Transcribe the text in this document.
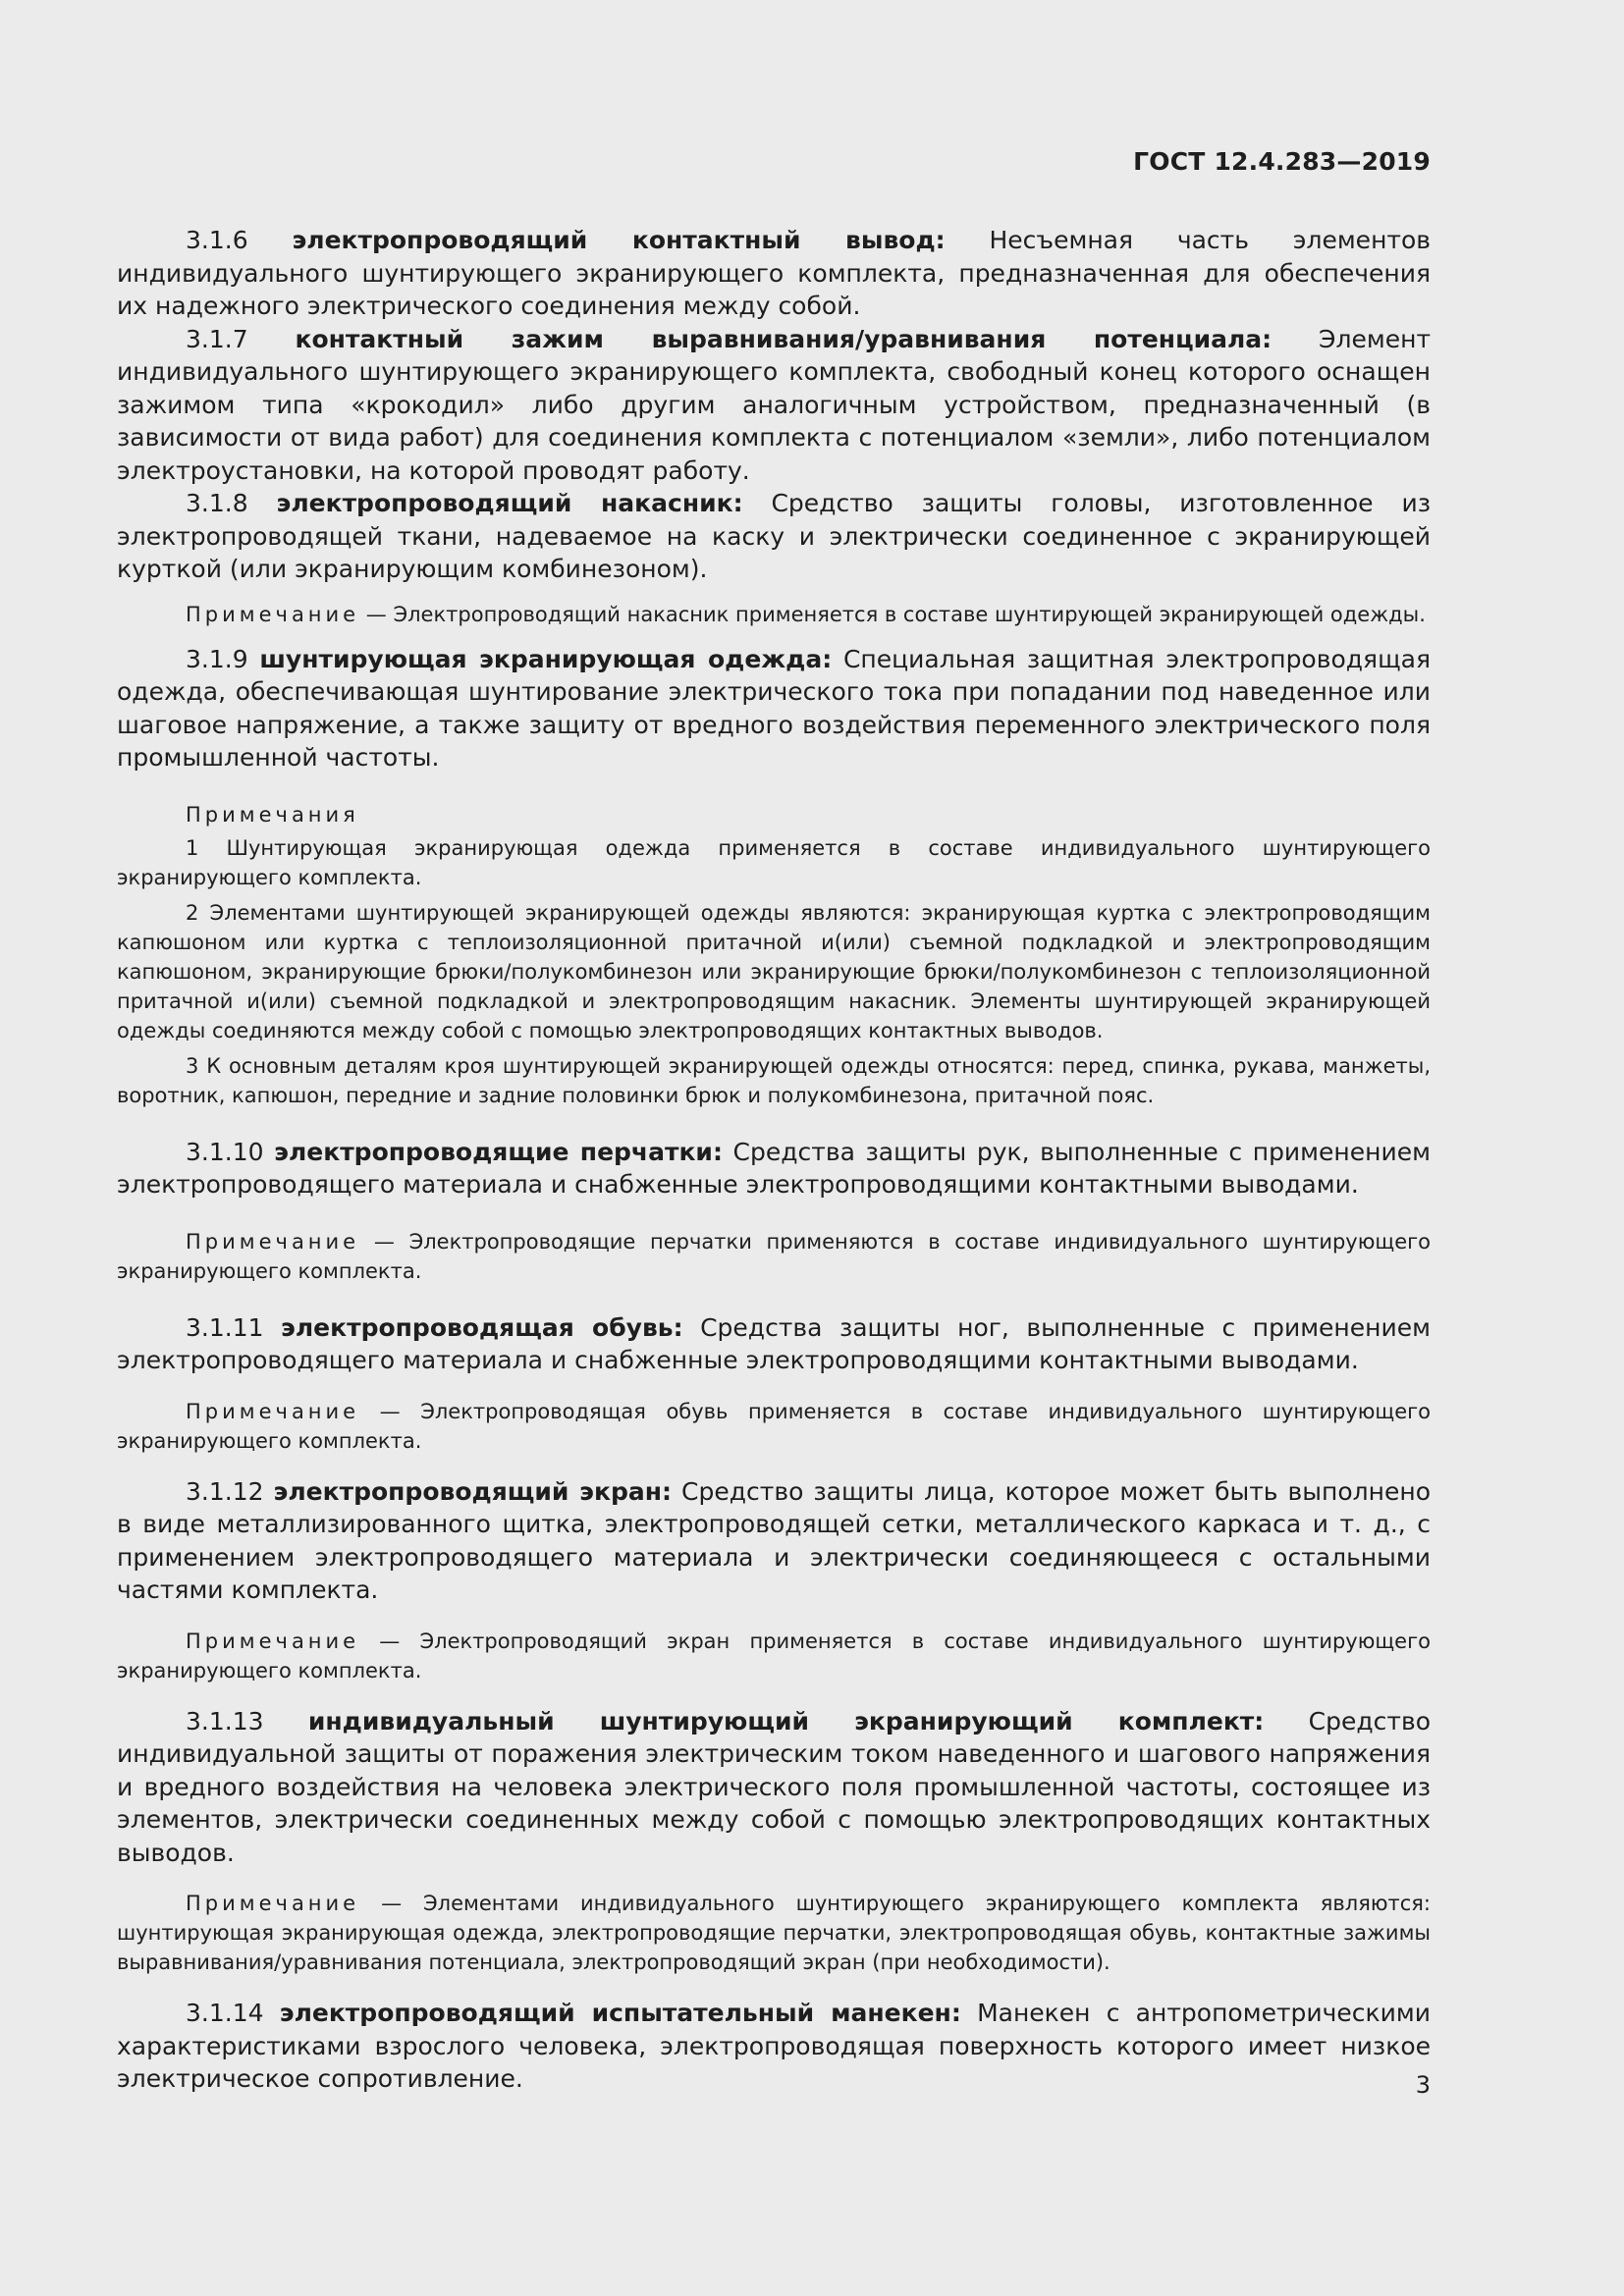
ГОСТ 12.4.283—2019

3.1.6 электропроводящий контактный вывод: Несъемная часть элементов индивидуального шунтирующего экранирующего комплекта, предназначенная для обеспечения их надежного электрического соединения между собой.

3.1.7 контактный зажим выравнивания/уравнивания потенциала: Элемент индивидуального шунтирующего экранирующего комплекта, свободный конец которого оснащен зажимом типа «крокодил» либо другим аналогичным устройством, предназначенный (в зависимости от вида работ) для соединения комплекта с потенциалом «земли», либо потенциалом электроустановки, на которой проводят работу.

3.1.8 электропроводящий накасник: Средство защиты головы, изготовленное из электропроводящей ткани, надеваемое на каску и электрически соединенное с экранирующей курткой (или экранирующим комбинезоном).

Примечание — Электропроводящий накасник применяется в составе шунтирующей экранирующей одежды.

3.1.9 шунтирующая экранирующая одежда: Специальная защитная электропроводящая одежда, обеспечивающая шунтирование электрического тока при попадании под наведенное или шаговое напряжение, а также защиту от вредного воздействия переменного электрического поля промышленной частоты.

Примечания

1 Шунтирующая экранирующая одежда применяется в составе индивидуального шунтирующего экранирующего комплекта.

2 Элементами шунтирующей экранирующей одежды являются: экранирующая куртка с электропроводящим капюшоном или куртка с теплоизоляционной притачной и(или) съемной подкладкой и электропроводящим капюшоном, экранирующие брюки/полукомбинезон или экранирующие брюки/полукомбинезон с теплоизоляционной притачной и(или) съемной подкладкой и электропроводящим накасник. Элементы шунтирующей экранирующей одежды соединяются между собой с помощью электропроводящих контактных выводов.

3 К основным деталям кроя шунтирующей экранирующей одежды относятся: перед, спинка, рукава, манжеты, воротник, капюшон, передние и задние половинки брюк и полукомбинезона, притачной пояс.

3.1.10 электропроводящие перчатки: Средства защиты рук, выполненные с применением электропроводящего материала и снабженные электропроводящими контактными выводами.

Примечание — Электропроводящие перчатки применяются в составе индивидуального шунтирующего экранирующего комплекта.

3.1.11 электропроводящая обувь: Средства защиты ног, выполненные с применением электропроводящего материала и снабженные электропроводящими контактными выводами.

Примечание — Электропроводящая обувь применяется в составе индивидуального шунтирующего экранирующего комплекта.

3.1.12 электропроводящий экран: Средство защиты лица, которое может быть выполнено в виде металлизированного щитка, электропроводящей сетки, металлического каркаса и т. д., с применением электропроводящего материала и электрически соединяющееся с остальными частями комплекта.

Примечание — Электропроводящий экран применяется в составе индивидуального шунтирующего экранирующего комплекта.

3.1.13 индивидуальный шунтирующий экранирующий комплект: Средство индивидуальной защиты от поражения электрическим током наведенного и шагового напряжения и вредного воздействия на человека электрического поля промышленной частоты, состоящее из элементов, электрически соединенных между собой с помощью электропроводящих контактных выводов.

Примечание — Элементами индивидуального шунтирующего экранирующего комплекта являются: шунтирующая экранирующая одежда, электропроводящие перчатки, электропроводящая обувь, контактные зажимы выравнивания/уравнивания потенциала, электропроводящий экран (при необходимости).

3.1.14 электропроводящий испытательный манекен: Манекен с антропометрическими характеристиками взрослого человека, электропроводящая поверхность которого имеет низкое электрическое сопротивление.	3
